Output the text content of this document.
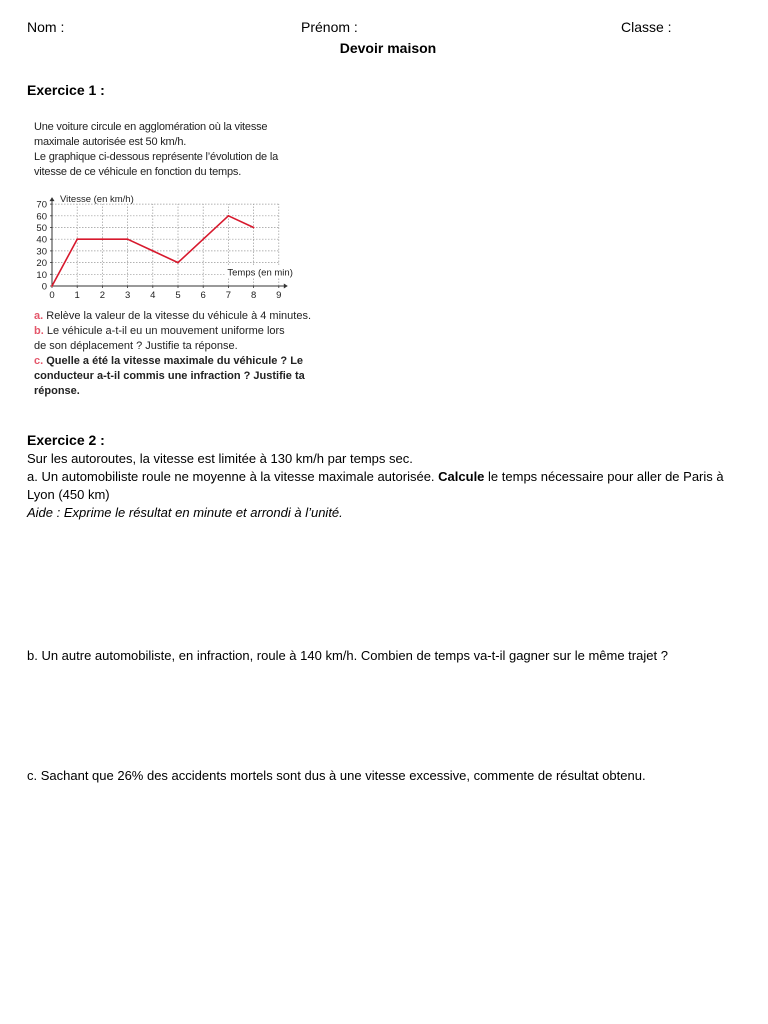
Nom :	Prénom :	Classe :
Devoir maison
Exercice 1 :
Une voiture circule en agglomération où la vitesse
maximale autorisée est 50 km/h.
Le graphique ci-dessous représente l’évolution de la
vitesse de ce véhicule en fonction du temps.
0
10
20
30
40
50
60
70
0 1 2 3 4 5 6 7 8 9
Vitesse (en km/h)
Temps (en min)
a. Relève la valeur de la vitesse du véhicule à 4 minutes.
b. Le véhicule a-t-il eu un mouvement uniforme lors
de son déplacement ? Justifie ta réponse.
c. Quelle a été la vitesse maximale du véhicule ? Le
conducteur a-t-il commis une infraction ? Justifie ta
réponse.
Exercice 2 :
Sur les autoroutes, la vitesse est limitée à 130 km/h par temps sec.
a. Un automobiliste roule ne moyenne à la vitesse maximale autorisée. Calcule le temps nécessaire pour aller de Paris à Lyon (450 km)
Aide : Exprime le résultat en minute et arrondi à l’unité.
b. Un autre automobiliste, en infraction, roule à 140 km/h. Combien de temps va-t-il gagner sur le même trajet ?
c. Sachant que 26% des accidents mortels sont dus à une vitesse excessive, commente de résultat obtenu.
